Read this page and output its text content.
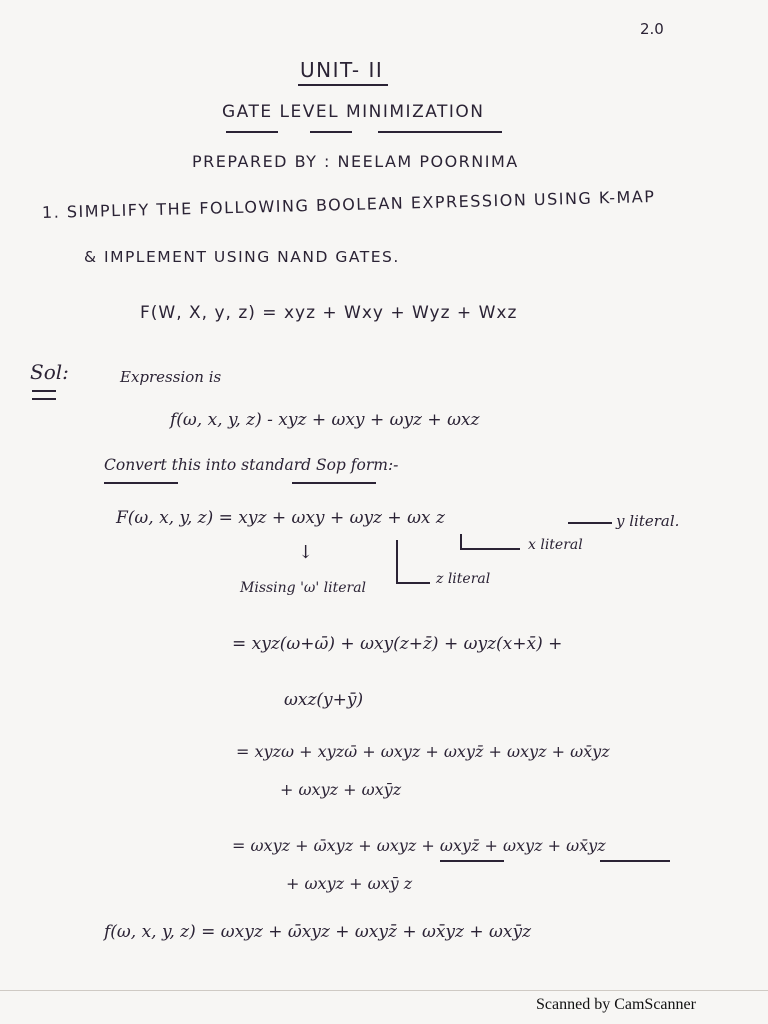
2.0
UNIT- II
GATE LEVEL MINIMIZATION
PREPARED BY : NEELAM POORNIMA
1. SIMPLIFY THE FOLLOWING BOOLEAN EXPRESSION USING K-MAP
& IMPLEMENT USING NAND GATES.
F(W, X, y, z) = xyz + Wxy + Wyz + Wxz
Sol:	Expression is
f(ω, x, y, z) - xyz + ωxy + ωyz + ωxz
Convert this into standard Sop form:-
F(ω, x, y, z) = xyz + ωxy + ωyz + ωx z	y literal.
x literal
z literal
↓
Missing 'ω' literal
= xyz(ω+ω̄) + ωxy(z+z̄) + ωyz(x+x̄) +
ωxz(y+ȳ)
= xyzω + xyzω̄ + ωxyz + ωxyz̄ + ωxyz + ωx̄yz
+ ωxyz + ωxȳz
= ωxyz + ω̄xyz + ωxyz + ωxyz̄ + ωxyz + ωx̄yz
+ ωxyz + ωxȳ z
f(ω, x, y, z) = ωxyz + ω̄xyz + ωxyz̄ + ωx̄yz + ωxȳz
Scanned by CamScanner
